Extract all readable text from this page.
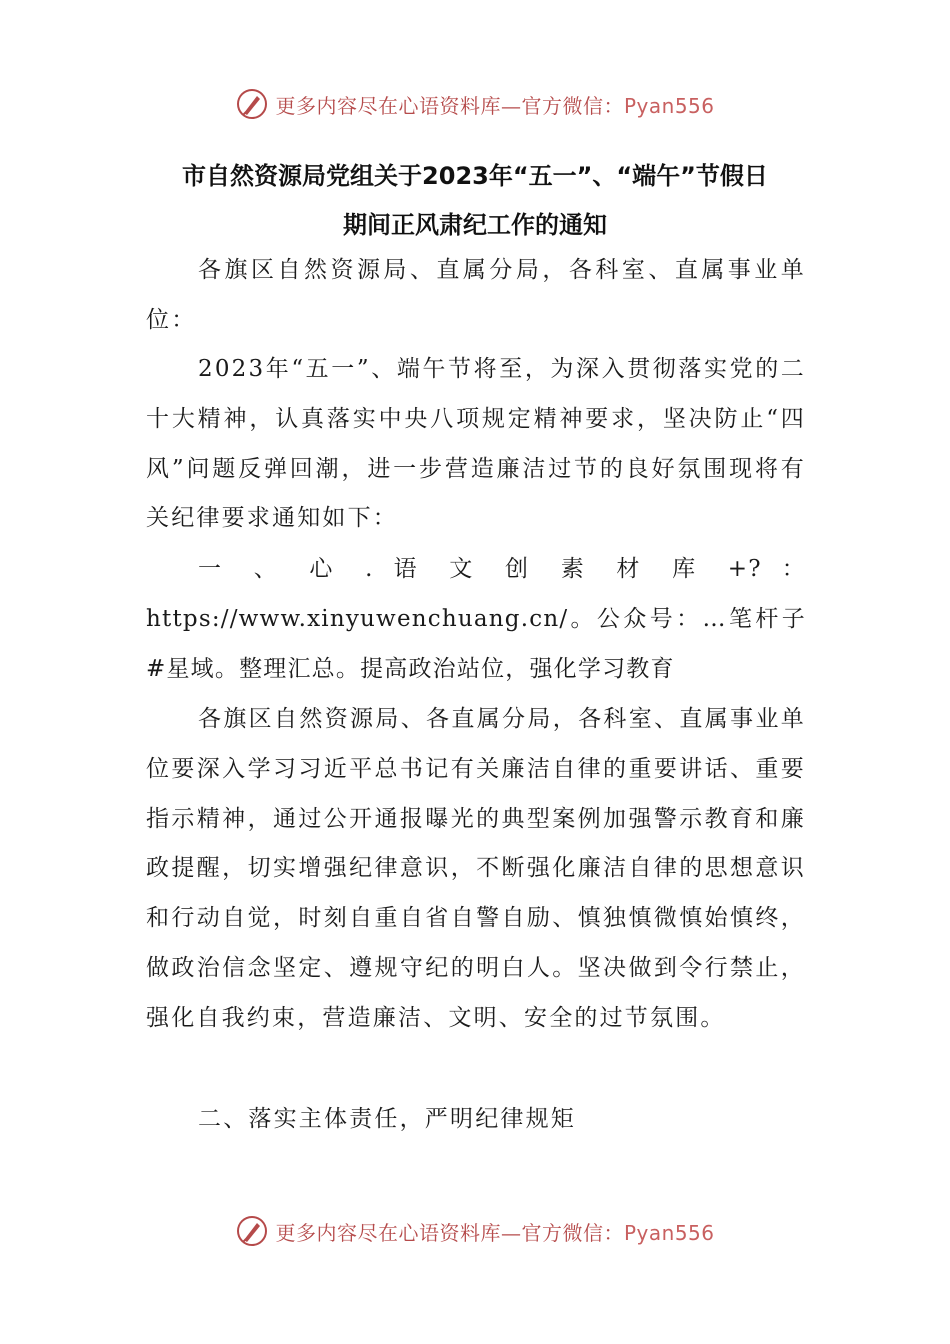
更多内容尽在心语资料库—官方微信：Pyan556
市自然资源局党组关于2023年“五一”、“端午”节假日
期间正风肃纪工作的通知

各旗区自然资源局、直属分局，各科室、直属事业单位：

2023年“五一”、端午节将至，为深入贯彻落实党的二十大精神，认真落实中央八项规定精神要求，坚决防止“四风”问题反弹回潮，进一步营造廉洁过节的良好氛围现将有关纪律要求通知如下：

一 、 心 . 语 文 创 素 材 库 +? ： https://www.xinyuwenchuang.cn/。公众号：…笔杆子#星域。整理汇总。提高政治站位，强化学习教育

各旗区自然资源局、各直属分局，各科室、直属事业单位要深入学习习近平总书记有关廉洁自律的重要讲话、重要指示精神，通过公开通报曝光的典型案例加强警示教育和廉政提醒，切实增强纪律意识，不断强化廉洁自律的思想意识和行动自觉，时刻自重自省自警自励、慎独慎微慎始慎终，做政治信念坚定、遵规守纪的明白人。坚决做到令行禁止，强化自我约束，营造廉洁、文明、安全的过节氛围。

二、落实主体责任，严明纪律规矩

更多内容尽在心语资料库—官方微信：Pyan556
